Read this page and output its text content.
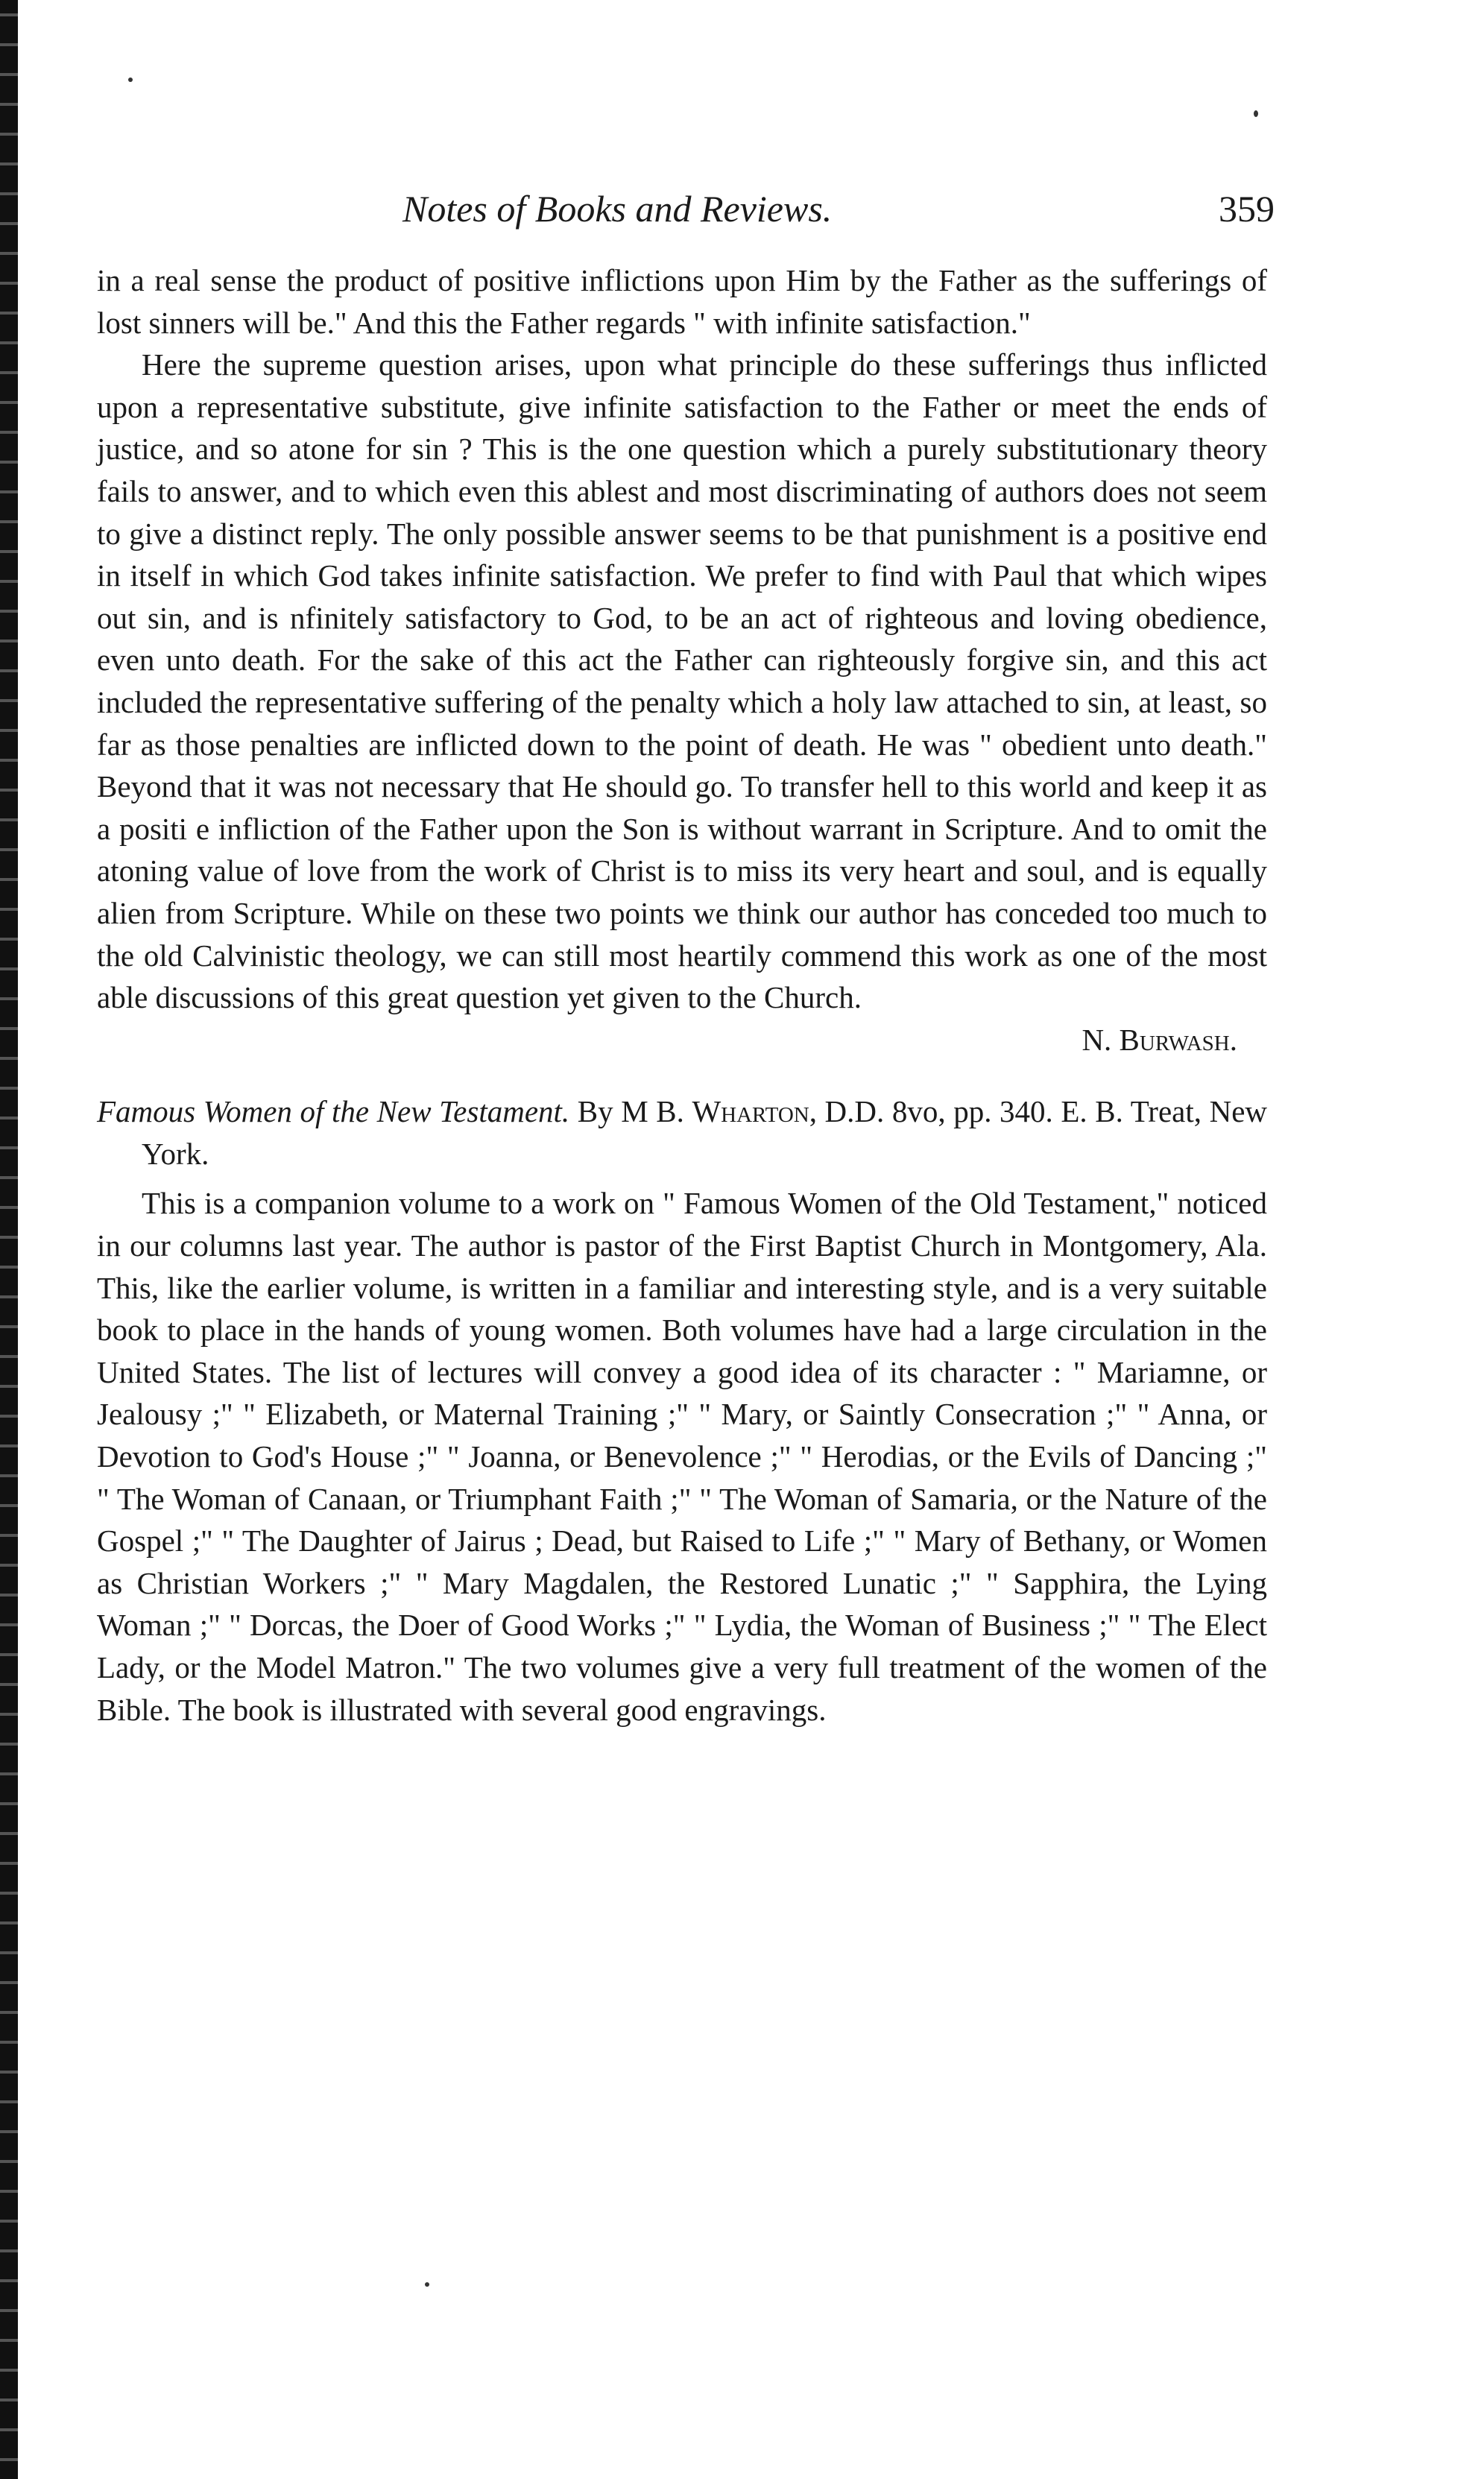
Notes of Books and Reviews.	359

in a real sense the product of positive inflictions upon Him by the Father as the sufferings of lost sinners will be." And this the Father regards " with infinite satisfaction."

Here the supreme question arises, upon what principle do these sufferings thus inflicted upon a representative substitute, give infinite satisfaction to the Father or meet the ends of justice, and so atone for sin ? This is the one question which a purely substitutionary theory fails to answer, and to which even this ablest and most discriminating of authors does not seem to give a distinct reply. The only possible answer seems to be that punishment is a positive end in itself in which God takes infinite satisfaction. We prefer to find with Paul that which wipes out sin, and is nfinitely satisfactory to God, to be an act of righteous and loving obedience, even unto death. For the sake of this act the Father can righteously forgive sin, and this act included the representative suffering of the penalty which a holy law attached to sin, at least, so far as those penalties are inflicted down to the point of death. He was " obedient unto death." Beyond that it was not necessary that He should go. To transfer hell to this world and keep it as a positi e infliction of the Father upon the Son is without warrant in Scripture. And to omit the atoning value of love from the work of Christ is to miss its very heart and soul, and is equally alien from Scripture. While on these two points we think our author has conceded too much to the old Calvinistic theology, we can still most heartily commend this work as one of the most able discussions of this great question yet given to the Church.

N. Burwash.

Famous Women of the New Testament. By M B. Wharton, D.D. 8vo, pp. 340. E. B. Treat, New York.

This is a companion volume to a work on " Famous Women of the Old Testament," noticed in our columns last year. The author is pastor of the First Baptist Church in Montgomery, Ala. This, like the earlier volume, is written in a familiar and interesting style, and is a very suitable book to place in the hands of young women. Both volumes have had a large circulation in the United States. The list of lectures will convey a good idea of its character : " Mariamne, or Jealousy ;" " Elizabeth, or Maternal Training ;" " Mary, or Saintly Consecration ;" " Anna, or Devotion to God's House ;" " Joanna, or Benevolence ;" " Herodias, or the Evils of Dancing ;" " The Woman of Canaan, or Triumphant Faith ;" " The Woman of Samaria, or the Nature of the Gospel ;" " The Daughter of Jairus ; Dead, but Raised to Life ;" " Mary of Bethany, or Women as Christian Workers ;" " Mary Magdalen, the Restored Lunatic ;" " Sapphira, the Lying Woman ;" " Dorcas, the Doer of Good Works ;" " Lydia, the Woman of Business ;" " The Elect Lady, or the Model Matron." The two volumes give a very full treatment of the women of the Bible. The book is illustrated with several good engravings.
